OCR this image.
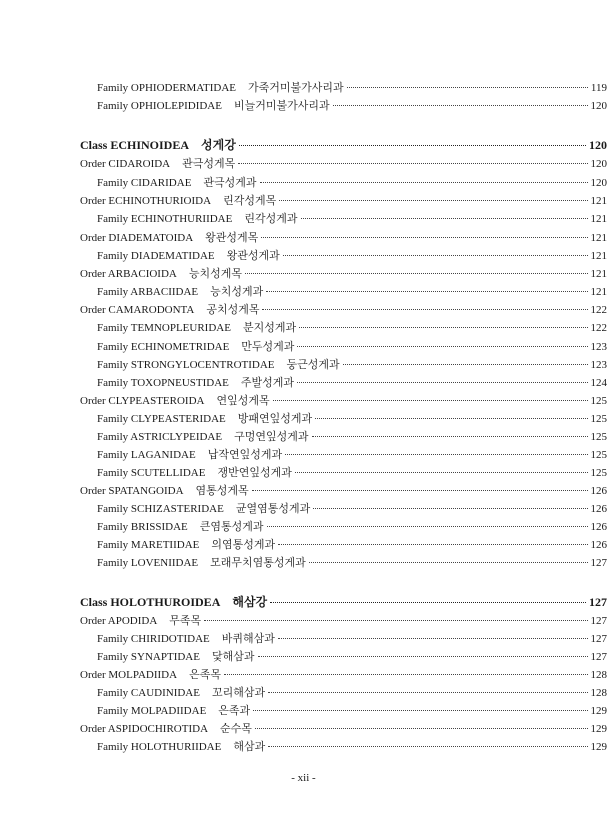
Family OPHIODERMATIDAE 가죽거미불가사리과	119
Family OPHIOLEPIDIDAE 비늘거미불가사리과	120
Class ECHINOIDEA 성게강	120
Order CIDAROIDA 관극성게목	120
Family CIDARIDAE 관극성게과	120
Order ECHINOTHURIOIDA 린각성게목	121
Family ECHINOTHURIIDAE 린각성게과	121
Order DIADEMATOIDA 왕관성게목	121
Family DIADEMATIDAE 왕관성게과	121
Order ARBACIOIDA 능치성게목	121
Family ARBACIIDAE 능치성게과	121
Order CAMARODONTA 공치성게목	122
Family TEMNOPLEURIDAE 분지성게과	122
Family ECHINOMETRIDAE 만두성게과	123
Family STRONGYLOCENTROTIDAE 둥근성게과	123
Family TOXOPNEUSTIDAE 주발성게과	124
Order CLYPEASTEROIDA 연잎성게목	125
Family CLYPEASTERIDAE 방패연잎성게과	125
Family ASTRICLYPEIDAE 구멍연잎성게과	125
Family LAGANIDAE 납작연잎성게과	125
Family SCUTELLIDAE 쟁반연잎성게과	125
Order SPATANGOIDA 염통성게목	126
Family SCHIZASTERIDAE 균열염통성게과	126
Family BRISSIDAE 큰염통성게과	126
Family MARETIIDAE 의염통성게과	126
Family LOVENIIDAE 모래무치염통성게과	127
Class HOLOTHUROIDEA 해삼강	127
Order APODIDA 무족목	127
Family CHIRIDOTIDAE 바퀴해삼과	127
Family SYNAPTIDAE 닻해삼과	127
Order MOLPADIIDA 은족목	128
Family CAUDINIDAE 꼬리해삼과	128
Family MOLPADIIDAE 은족과	129
Order ASPIDOCHIROTIDA 순수목	129
Family HOLOTHURIIDAE 해삼과	129
- xii -
